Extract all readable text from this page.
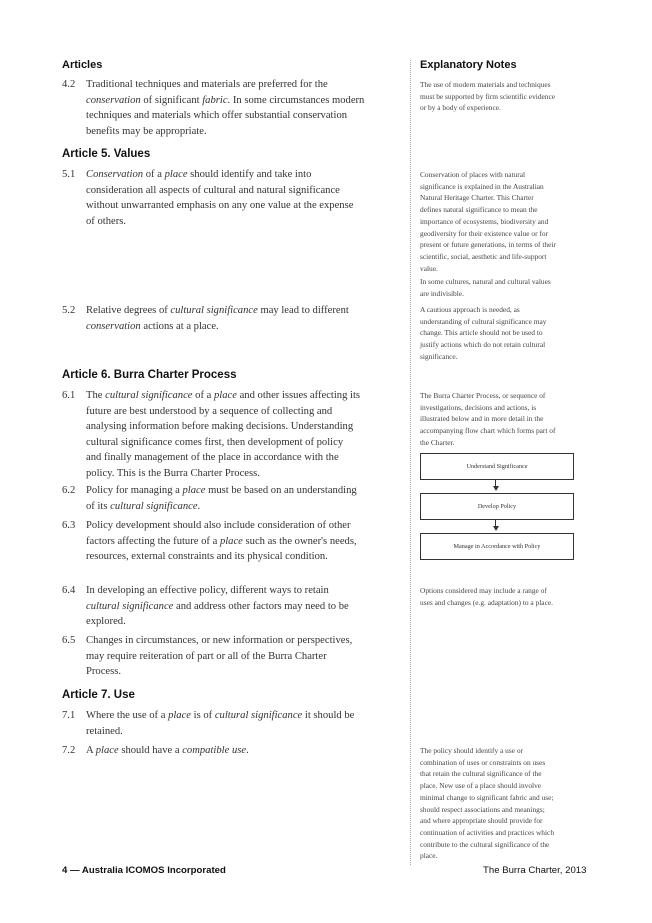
Articles	Explanatory Notes
4.2 Traditional techniques and materials are preferred for the
conservation of significant fabric. In some circumstances modern
techniques and materials which offer substantial conservation
benefits may be appropriate.
Article 5. Values
5.1 Conservation of a place should identify and take into
consideration all aspects of cultural and natural significance
without unwarranted emphasis on any one value at the expense
of others.
5.2 Relative degrees of cultural significance may lead to different
conservation actions at a place.
Article 6. Burra Charter Process
6.1 The cultural significance of a place and other issues affecting its
future are best understood by a sequence of collecting and
analysing information before making decisions. Understanding
cultural significance comes first, then development of policy
and finally management of the place in accordance with the
policy. This is the Burra Charter Process.
6.2 Policy for managing a place must be based on an understanding
of its cultural significance.
6.3 Policy development should also include consideration of other
factors affecting the future of a place such as the owner's needs,
resources, external constraints and its physical condition.
6.4 In developing an effective policy, different ways to retain
cultural significance and address other factors may need to be
explored.
6.5 Changes in circumstances, or new information or perspectives,
may require reiteration of part or all of the Burra Charter
Process.
Article 7. Use
7.1 Where the use of a place is of cultural significance it should be
retained.
7.2 A place should have a compatible use.
The use of modern materials and techniques
must be supported by firm scientific evidence
or by a body of experience.
Conservation of places with natural
significance is explained in the Australian
Natural Heritage Charter. This Charter
defines natural significance to mean the
importance of ecosystems, biodiversity and
geodiversity for their existence value or for
present or future generations, in terms of their
scientific, social, aesthetic and life-support
value.
In some cultures, natural and cultural values
are indivisible.
A cautious approach is needed, as
understanding of cultural significance may
change. This article should not be used to
justify actions which do not retain cultural
significance.
The Burra Charter Process, or sequence of
investigations, decisions and actions, is
illustrated below and in more detail in the
accompanying flow chart which forms part of
the Charter.
Understand Significance
Develop Policy
Manage in Accordance with Policy
Options considered may include a range of
uses and changes (e.g. adaptation) to a place.
The policy should identify a use or
combination of uses or constraints on uses
that retain the cultural significance of the
place. New use of a place should involve
minimal change to significant fabric and use;
should respect associations and meanings;
and where appropriate should provide for
continuation of activities and practices which
contribute to the cultural significance of the
place.
4 — Australia ICOMOS Incorporated	The Burra Charter, 2013
